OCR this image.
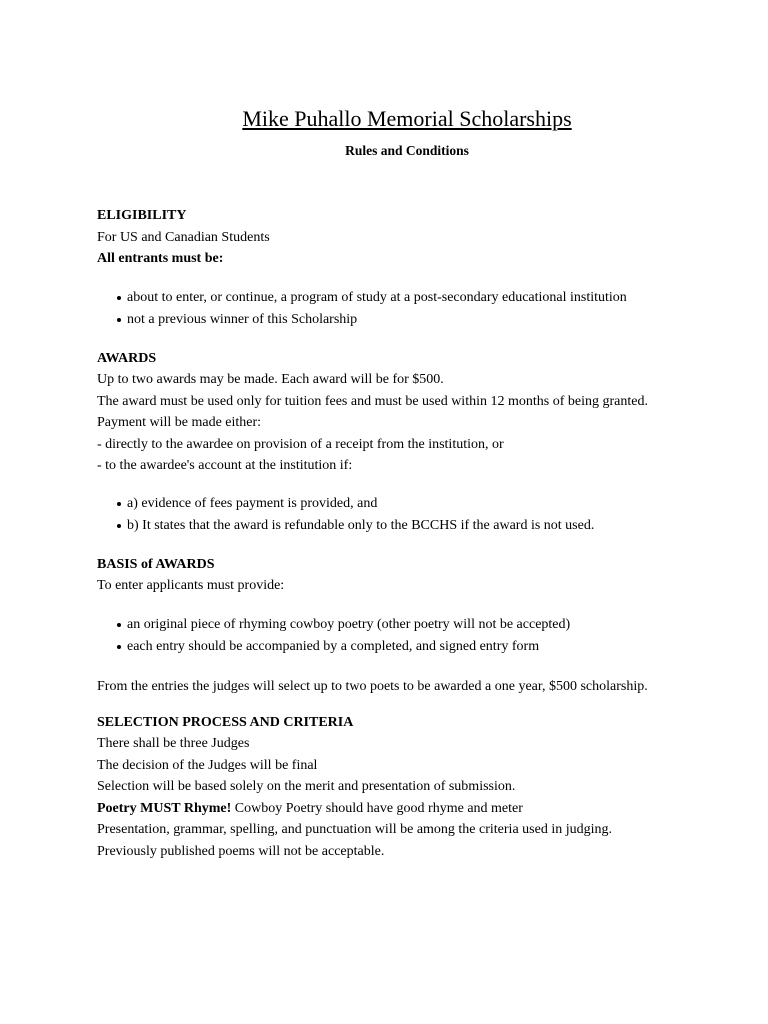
Mike Puhallo Memorial Scholarships

Rules and Conditions

ELIGIBILITY

For US and Canadian Students

All entrants must be:

about to enter, or continue, a program of study at a post-secondary educational institution
not a previous winner of this Scholarship

AWARDS

Up to two awards may be made. Each award will be for $500.

The award must be used only for tuition fees and must be used within 12 months of being granted.

Payment will be made either:

- directly to the awardee on provision of a receipt from the institution, or

- to the awardee's account at the institution if:

a) evidence of fees payment is provided, and
b) It states that the award is refundable only to the BCCHS if the award is not used.

BASIS of AWARDS

To enter applicants must provide:

an original piece of rhyming cowboy poetry (other poetry will not be accepted)
each entry should be accompanied by a completed, and signed entry form

From the entries the judges will select up to two poets to be awarded a one year, $500 scholarship.

SELECTION PROCESS AND CRITERIA

There shall be three Judges

The decision of the Judges will be final

Selection will be based solely on the merit and presentation of submission.

Poetry MUST Rhyme! Cowboy Poetry should have good rhyme and meter

Presentation, grammar, spelling, and punctuation will be among the criteria used in judging.

Previously published poems will not be acceptable.
